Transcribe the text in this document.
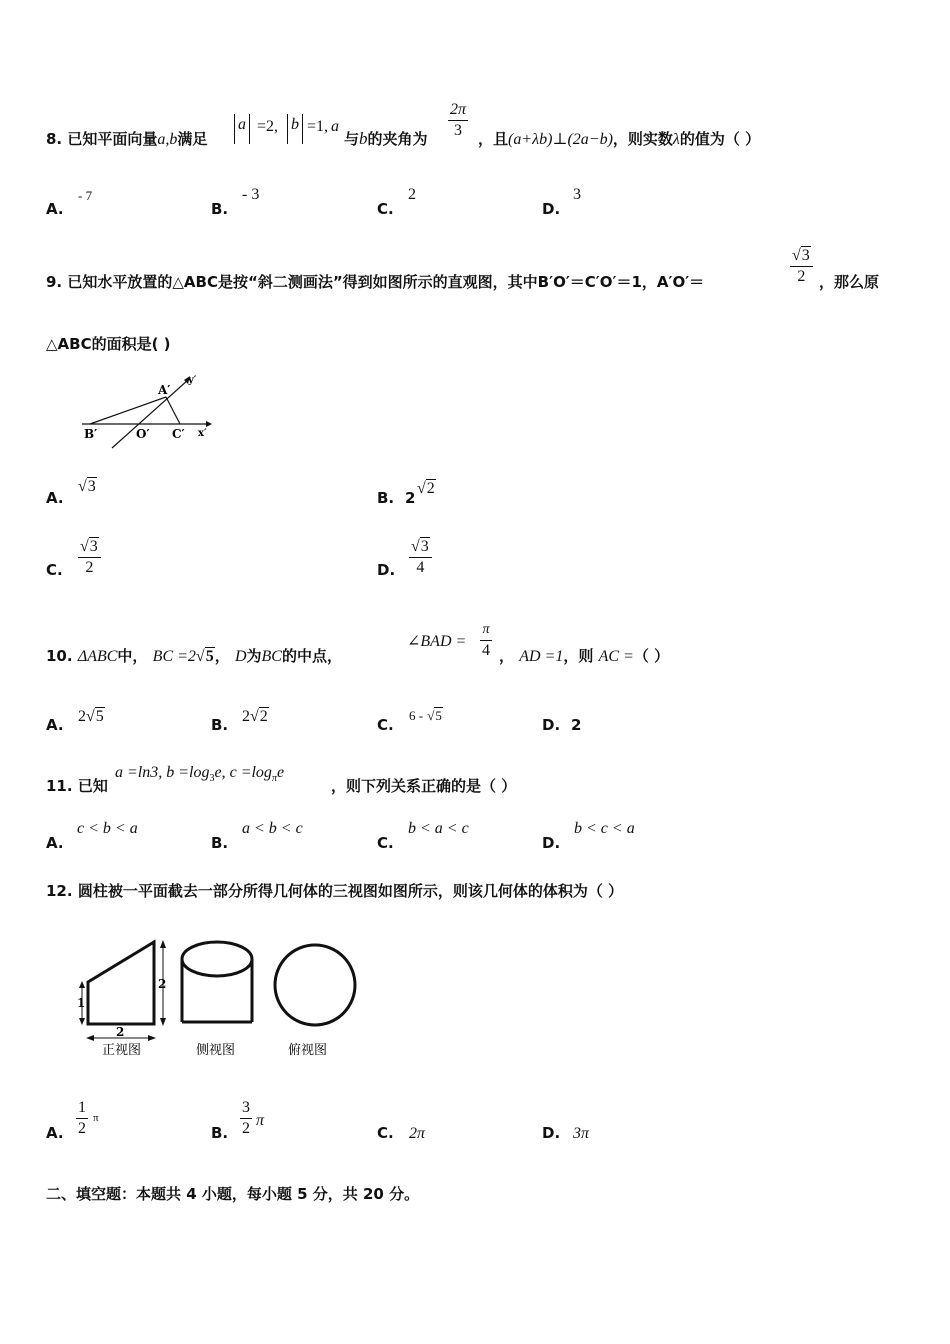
8. 已知平面向量a,b满足
a =2, b =1, a
与b的夹角为 $\frac{2\pi}{3}$ ，且(a+λb)⊥(2a−b)，则实数λ的值为（ ）
A.
- 7
B.
- 3
C.
2
D.
3
9. 已知水平放置的△ABC是按“斜二测画法”得到如图所示的直观图，其中B′O′＝C′O′＝1，A′O′＝	$\frac{√3}{2}$ ，那么原
△ABC的面积是( )
A′
B′	O′ C′ x′
y′
A.
√3
B. 2
√2
C. $\frac{√3}{2}$	D. $\frac{√3}{4}$
10. ΔABC中， BC =2√5， D为BC的中点，
∠BAD = $\frac{\pi}{4}$ ， AD =1，则 AC =（ ）
A. 2√5	B. 2√2	C.
6 - √5
D. 2
11. 已知
a =ln3, $b =\log_3e$, $c =\log_\pi e$
，则下列关系正确的是（ ）
A.
c < b < a
B.
a < b < c
C.
b < a < c
D.
b < c < a
12. 圆柱被一平面截去一部分所得几何体的三视图如图所示，则该几何体的体积为（ ）
2
1
2
正视图	侧视图	俯视图
A. $\frac{1}{2}$ π
B. $\frac{3}{2}$ π
C. 2π	D. 3π
二、填空题：本题共 4 小题，每小题 5 分，共 20 分。
